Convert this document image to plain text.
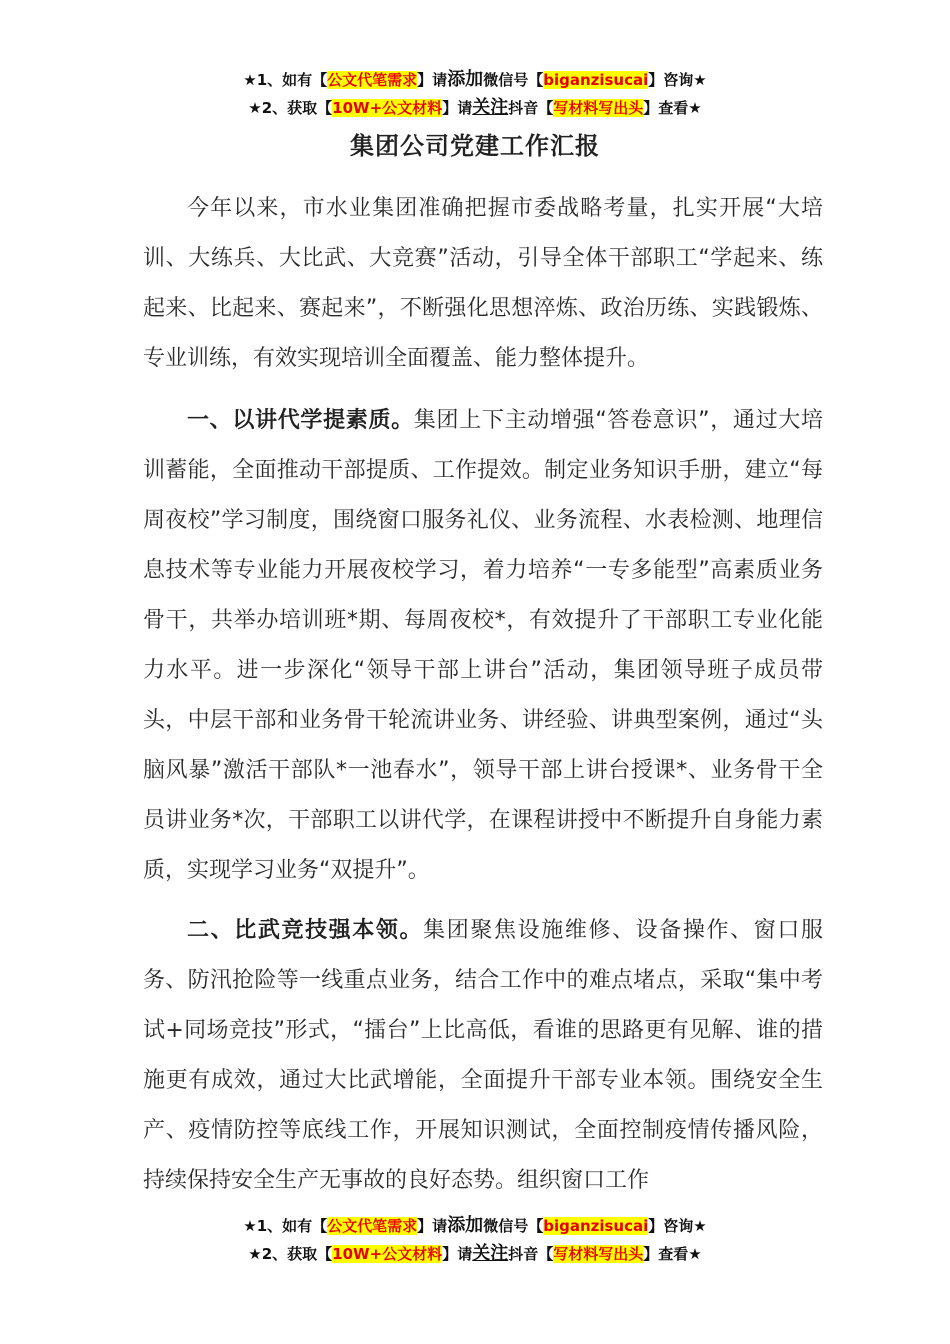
★1、如有【公文代笔需求】请添加微信号【biganzisucai】咨询★
★2、获取【10W+公文材料】请关注抖音【写材料写出头】查看★
集团公司党建工作汇报

今年以来，市水业集团准确把握市委战略考量，扎实开展“大培训、大练兵、大比武、大竞赛”活动，引导全体干部职工“学起来、练起来、比起来、赛起来”，不断强化思想淬炼、政治历练、实践锻炼、专业训练，有效实现培训全面覆盖、能力整体提升。

一、以讲代学提素质。集团上下主动增强“答卷意识”，通过大培训蓄能，全面推动干部提质、工作提效。制定业务知识手册，建立“每周夜校”学习制度，围绕窗口服务礼仪、业务流程、水表检测、地理信息技术等专业能力开展夜校学习，着力培养“一专多能型”高素质业务骨干，共举办培训班*期、每周夜校*，有效提升了干部职工专业化能力水平。进一步深化“领导干部上讲台”活动，集团领导班子成员带头，中层干部和业务骨干轮流讲业务、讲经验、讲典型案例，通过“头脑风暴”激活干部队*一池春水”，领导干部上讲台授课*、业务骨干全员讲业务*次，干部职工以讲代学，在课程讲授中不断提升自身能力素质，实现学习业务“双提升”。

二、比武竞技强本领。集团聚焦设施维修、设备操作、窗口服务、防汛抢险等一线重点业务，结合工作中的难点堵点，采取“集中考试+同场竞技”形式，“擂台”上比高低，看谁的思路更有见解、谁的措施更有成效，通过大比武增能，全面提升干部专业本领。围绕安全生产、疫情防控等底线工作，开展知识测试，全面控制疫情传播风险，持续保持安全生产无事故的良好态势。组织窗口工作

★1、如有【公文代笔需求】请添加微信号【biganzisucai】咨询★
★2、获取【10W+公文材料】请关注抖音【写材料写出头】查看★
